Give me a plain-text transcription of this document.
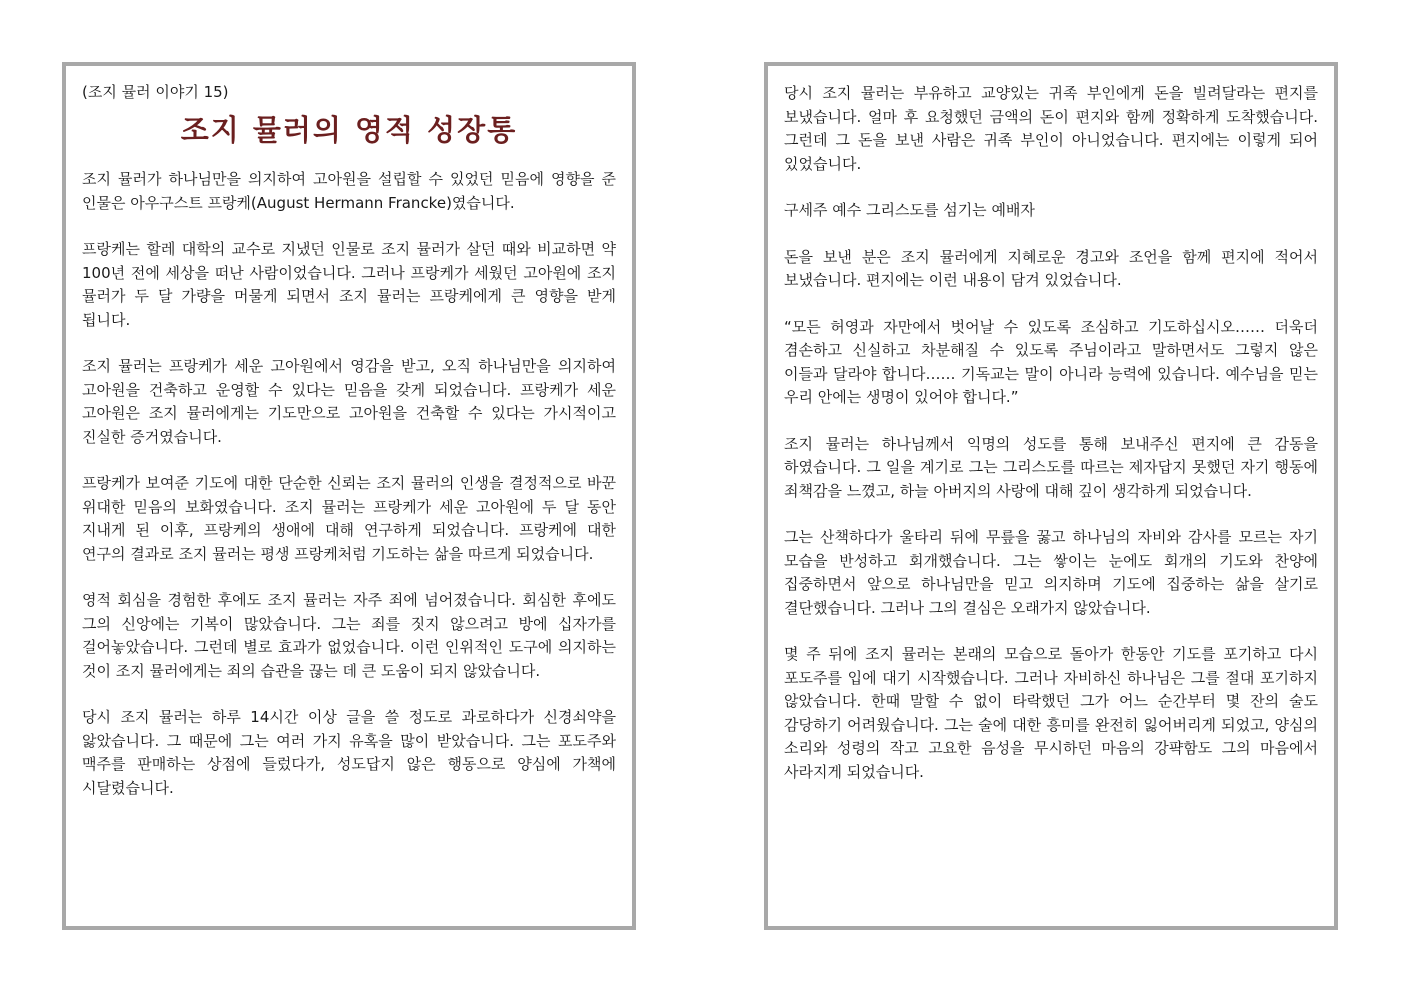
(조지 뮬러 이야기 15)

조지 뮬러의 영적 성장통

조지 뮬러가 하나님만을 의지하여 고아원을 설립할 수 있었던 믿음에 영향을 준 인물은 아우구스트 프랑케(August Hermann Francke)였습니다.

프랑케는 할레 대학의 교수로 지냈던 인물로 조지 뮬러가 살던 때와 비교하면 약 100년 전에 세상을 떠난 사람이었습니다. 그러나 프랑케가 세웠던 고아원에 조지 뮬러가 두 달 가량을 머물게 되면서 조지 뮬러는 프랑케에게 큰 영향을 받게 됩니다.

조지 뮬러는 프랑케가 세운 고아원에서 영감을 받고, 오직 하나님만을 의지하여 고아원을 건축하고 운영할 수 있다는 믿음을 갖게 되었습니다. 프랑케가 세운 고아원은 조지 뮬러에게는 기도만으로 고아원을 건축할 수 있다는 가시적이고 진실한 증거였습니다.

프랑케가 보여준 기도에 대한 단순한 신뢰는 조지 뮬러의 인생을 결정적으로 바꾼 위대한 믿음의 보화였습니다. 조지 뮬러는 프랑케가 세운 고아원에 두 달 동안 지내게 된 이후, 프랑케의 생애에 대해 연구하게 되었습니다. 프랑케에 대한 연구의 결과로 조지 뮬러는 평생 프랑케처럼 기도하는 삶을 따르게 되었습니다.

영적 회심을 경험한 후에도 조지 뮬러는 자주 죄에 넘어졌습니다. 회심한 후에도 그의 신앙에는 기복이 많았습니다. 그는 죄를 짓지 않으려고 방에 십자가를 걸어놓았습니다. 그런데 별로 효과가 없었습니다. 이런 인위적인 도구에 의지하는 것이 조지 뮬러에게는 죄의 습관을 끊는 데 큰 도움이 되지 않았습니다.

당시 조지 뮬러는 하루 14시간 이상 글을 쓸 정도로 과로하다가 신경쇠약을 앓았습니다. 그 때문에 그는 여러 가지 유혹을 많이 받았습니다. 그는 포도주와 맥주를 판매하는 상점에 들렀다가, 성도답지 않은 행동으로 양심에 가책에 시달렸습니다.

당시 조지 뮬러는 부유하고 교양있는 귀족 부인에게 돈을 빌려달라는 편지를 보냈습니다. 얼마 후 요청했던 금액의 돈이 편지와 함께 정확하게 도착했습니다. 그런데 그 돈을 보낸 사람은 귀족 부인이 아니었습니다. 편지에는 이렇게 되어 있었습니다.

구세주 예수 그리스도를 섬기는 예배자

돈을 보낸 분은 조지 뮬러에게 지혜로운 경고와 조언을 함께 편지에 적어서 보냈습니다. 편지에는 이런 내용이 담겨 있었습니다.

“모든 허영과 자만에서 벗어날 수 있도록 조심하고 기도하십시오…… 더욱더 겸손하고 신실하고 차분해질 수 있도록 주님이라고 말하면서도 그렇지 않은 이들과 달라야 합니다…… 기독교는 말이 아니라 능력에 있습니다. 예수님을 믿는 우리 안에는 생명이 있어야 합니다.”

조지 뮬러는 하나님께서 익명의 성도를 통해 보내주신 편지에 큰 감동을 하였습니다. 그 일을 계기로 그는 그리스도를 따르는 제자답지 못했던 자기 행동에 죄책감을 느꼈고, 하늘 아버지의 사랑에 대해 깊이 생각하게 되었습니다.

그는 산책하다가 울타리 뒤에 무릎을 꿇고 하나님의 자비와 감사를 모르는 자기 모습을 반성하고 회개했습니다. 그는 쌓이는 눈에도 회개의 기도와 찬양에 집중하면서 앞으로 하나님만을 믿고 의지하며 기도에 집중하는 삶을 살기로 결단했습니다. 그러나 그의 결심은 오래가지 않았습니다.

몇 주 뒤에 조지 뮬러는 본래의 모습으로 돌아가 한동안 기도를 포기하고 다시 포도주를 입에 대기 시작했습니다. 그러나 자비하신 하나님은 그를 절대 포기하지 않았습니다. 한때 말할 수 없이 타락했던 그가 어느 순간부터 몇 잔의 술도 감당하기 어려웠습니다. 그는 술에 대한 흥미를 완전히 잃어버리게 되었고, 양심의 소리와 성령의 작고 고요한 음성을 무시하던 마음의 강퍅함도 그의 마음에서 사라지게 되었습니다.
